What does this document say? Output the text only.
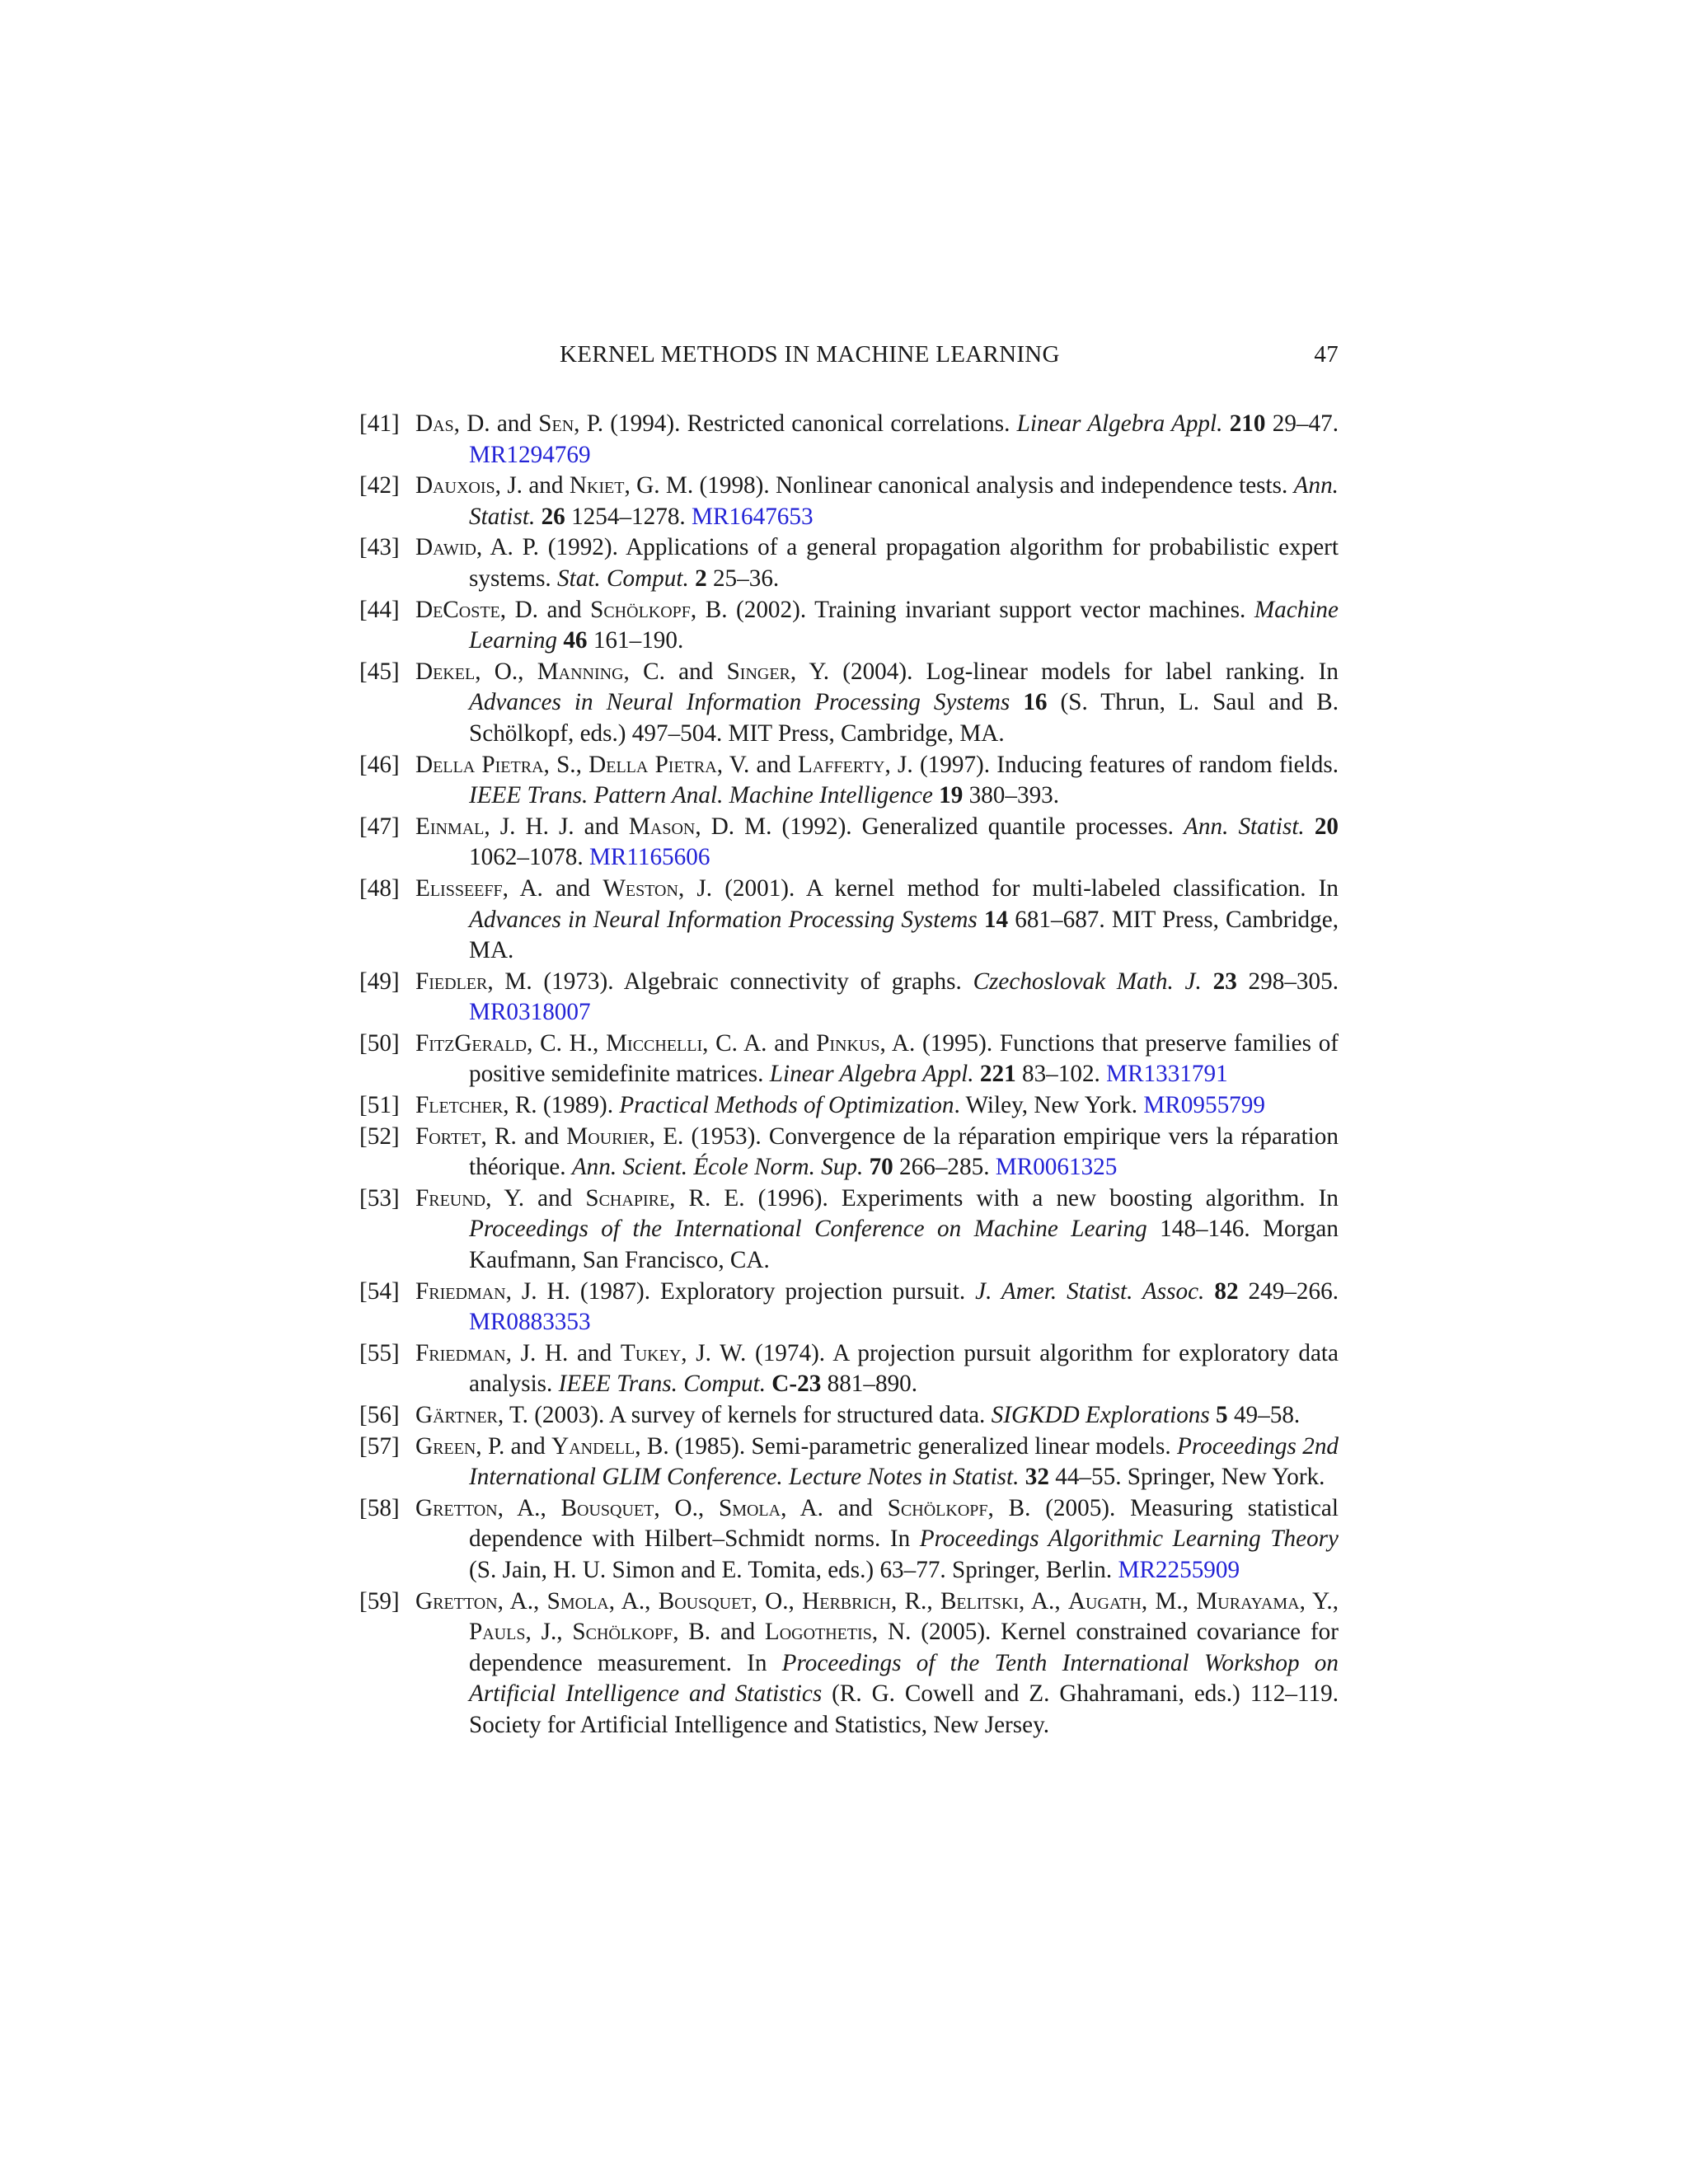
KERNEL METHODS IN MACHINE LEARNING	47
[41] Das, D. and Sen, P. (1994). Restricted canonical correlations. Linear Algebra Appl. 210 29–47. MR1294769
[42] Dauxois, J. and Nkiet, G. M. (1998). Nonlinear canonical analysis and independence tests. Ann. Statist. 26 1254–1278. MR1647653
[43] Dawid, A. P. (1992). Applications of a general propagation algorithm for probabilistic expert systems. Stat. Comput. 2 25–36.
[44] DeCoste, D. and Schölkopf, B. (2002). Training invariant support vector machines. Machine Learning 46 161–190.
[45] Dekel, O., Manning, C. and Singer, Y. (2004). Log-linear models for label ranking. In Advances in Neural Information Processing Systems 16 (S. Thrun, L. Saul and B. Schölkopf, eds.) 497–504. MIT Press, Cambridge, MA.
[46] Della Pietra, S., Della Pietra, V. and Lafferty, J. (1997). Inducing features of random fields. IEEE Trans. Pattern Anal. Machine Intelligence 19 380–393.
[47] Einmal, J. H. J. and Mason, D. M. (1992). Generalized quantile processes. Ann. Statist. 20 1062–1078. MR1165606
[48] Elisseeff, A. and Weston, J. (2001). A kernel method for multi-labeled classification. In Advances in Neural Information Processing Systems 14 681–687. MIT Press, Cambridge, MA.
[49] Fiedler, M. (1973). Algebraic connectivity of graphs. Czechoslovak Math. J. 23 298–305. MR0318007
[50] FitzGerald, C. H., Micchelli, C. A. and Pinkus, A. (1995). Functions that preserve families of positive semidefinite matrices. Linear Algebra Appl. 221 83–102. MR1331791
[51] Fletcher, R. (1989). Practical Methods of Optimization. Wiley, New York. MR0955799
[52] Fortet, R. and Mourier, E. (1953). Convergence de la réparation empirique vers la réparation théorique. Ann. Scient. École Norm. Sup. 70 266–285. MR0061325
[53] Freund, Y. and Schapire, R. E. (1996). Experiments with a new boosting algorithm. In Proceedings of the International Conference on Machine Learing 148–146. Morgan Kaufmann, San Francisco, CA.
[54] Friedman, J. H. (1987). Exploratory projection pursuit. J. Amer. Statist. Assoc. 82 249–266. MR0883353
[55] Friedman, J. H. and Tukey, J. W. (1974). A projection pursuit algorithm for exploratory data analysis. IEEE Trans. Comput. C-23 881–890.
[56] Gärtner, T. (2003). A survey of kernels for structured data. SIGKDD Explorations 5 49–58.
[57] Green, P. and Yandell, B. (1985). Semi-parametric generalized linear models. Proceedings 2nd International GLIM Conference. Lecture Notes in Statist. 32 44–55. Springer, New York.
[58] Gretton, A., Bousquet, O., Smola, A. and Schölkopf, B. (2005). Measuring statistical dependence with Hilbert–Schmidt norms. In Proceedings Algorithmic Learning Theory (S. Jain, H. U. Simon and E. Tomita, eds.) 63–77. Springer, Berlin. MR2255909
[59] Gretton, A., Smola, A., Bousquet, O., Herbrich, R., Belitski, A., Augath, M., Murayama, Y., Pauls, J., Schölkopf, B. and Logothetis, N. (2005). Kernel constrained covariance for dependence measurement. In Proceedings of the Tenth International Workshop on Artificial Intelligence and Statistics (R. G. Cowell and Z. Ghahramani, eds.) 112–119. Society for Artificial Intelligence and Statistics, New Jersey.
